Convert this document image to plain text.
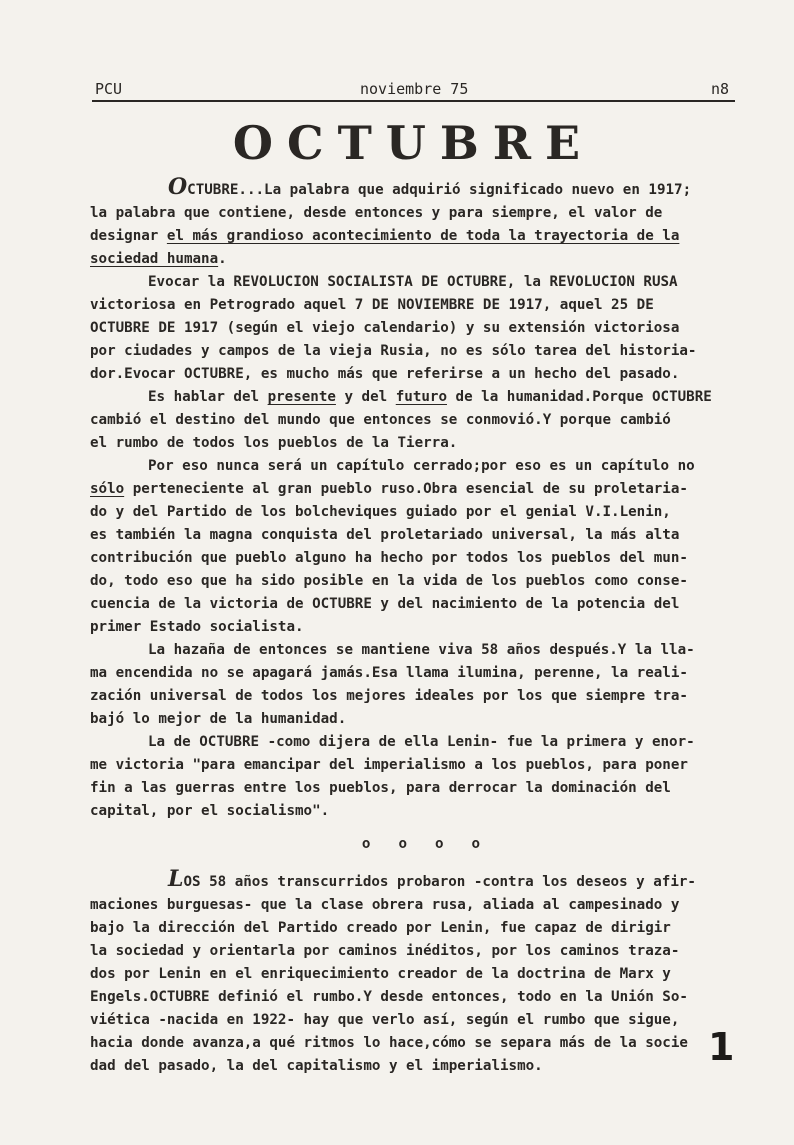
PCU	noviembre 75	n8
OCTUBRE

OCTUBRE...La palabra que adquirió significado nuevo en 1917;
la palabra que contiene, desde entonces y para siempre, el valor de
designar el más grandioso acontecimiento de toda la trayectoria de la
sociedad humana.

Evocar la REVOLUCION SOCIALISTA DE OCTUBRE, la REVOLUCION RUSA
victoriosa en Petrogrado aquel 7 DE NOVIEMBRE DE 1917, aquel 25 DE
OCTUBRE DE 1917 (según el viejo calendario) y su extensión victoriosa
por ciudades y campos de la vieja Rusia, no es sólo tarea del historia-
dor.Evocar OCTUBRE, es mucho más que referirse a un hecho del pasado.

Es hablar del presente y del futuro de la humanidad.Porque OCTUBRE
cambió el destino del mundo que entonces se conmovió.Y porque cambió
el rumbo de todos los pueblos de la Tierra.

Por eso nunca será un capítulo cerrado;por eso es un capítulo no
sólo perteneciente al gran pueblo ruso.Obra esencial de su proletaria-
do y del Partido de los bolcheviques guiado por el genial V.I.Lenin,
es también la magna conquista del proletariado universal, la más alta
contribución que pueblo alguno ha hecho por todos los pueblos del mun-
do, todo eso que ha sido posible en la vida de los pueblos como conse-
cuencia de la victoria de OCTUBRE y del nacimiento de la potencia del
primer Estado socialista.

La hazaña de entonces se mantiene viva 58 años después.Y la lla-
ma encendida no se apagará jamás.Esa llama ilumina, perenne, la reali-
zación universal de todos los mejores ideales por los que siempre tra-
bajó lo mejor de la humanidad.

La de OCTUBRE -como dijera de ella Lenin- fue la primera y enor-
me victoria "para emancipar del imperialismo a los pueblos, para poner
fin a las guerras entre los pueblos, para derrocar la dominación del
capital, por el socialismo".

oooo

LOS 58 años transcurridos probaron -contra los deseos y afir-
maciones burguesas- que la clase obrera rusa, aliada al campesinado y
bajo la dirección del Partido creado por Lenin, fue capaz de dirigir
la sociedad y orientarla por caminos inéditos, por los caminos traza-
dos por Lenin en el enriquecimiento creador de la doctrina de Marx y
Engels.OCTUBRE definió el rumbo.Y desde entonces, todo en la Unión So-
viética -nacida en 1922- hay que verlo así, según el rumbo que sigue,
hacia donde avanza,a qué ritmos lo hace,cómo se separa más de la socie
dad del pasado, la del capitalismo y el imperialismo.	1
